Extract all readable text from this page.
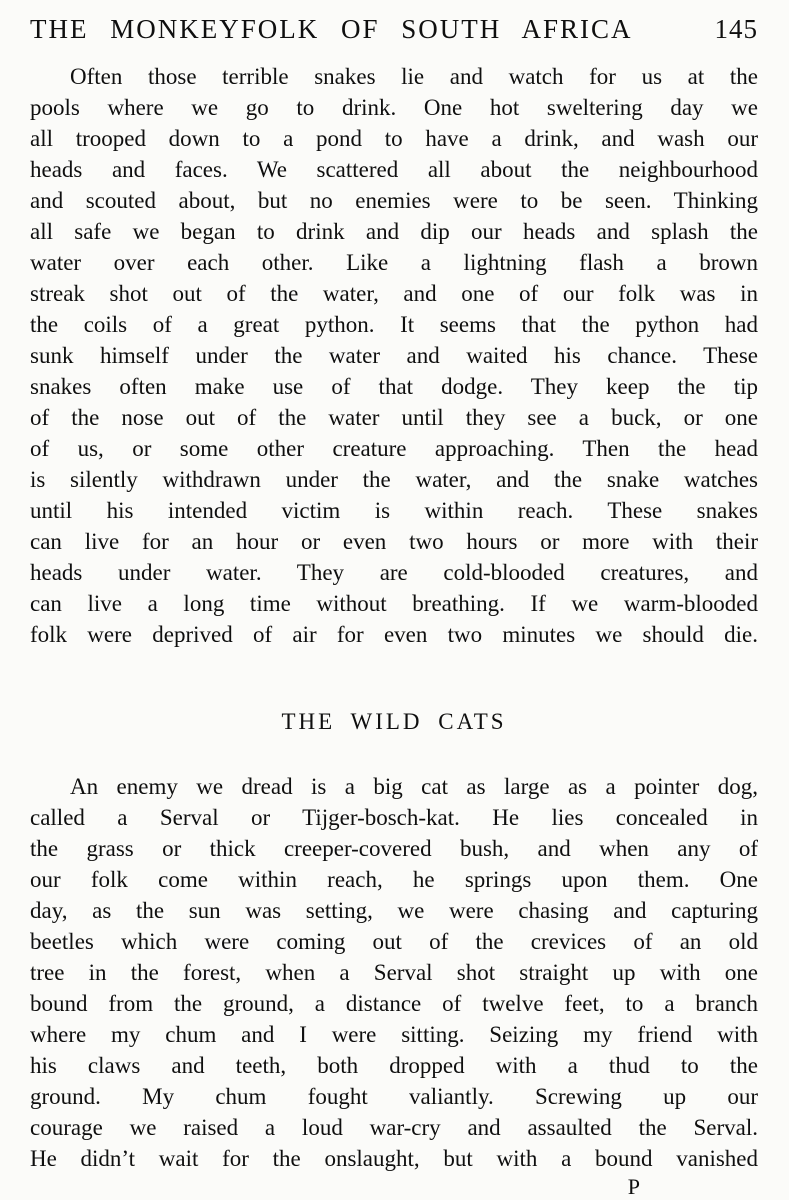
THE MONKEYFOLK OF SOUTH AFRICA	145
Often those terrible snakes lie and watch for us at the
pools where we go to drink. One hot sweltering day we
all trooped down to a pond to have a drink, and wash our
heads and faces. We scattered all about the neighbourhood
and scouted about, but no enemies were to be seen. Thinking
all safe we began to drink and dip our heads and splash the
water over each other. Like a lightning flash a brown
streak shot out of the water, and one of our folk was in
the coils of a great python. It seems that the python had
sunk himself under the water and waited his chance. These
snakes often make use of that dodge. They keep the tip
of the nose out of the water until they see a buck, or one
of us, or some other creature approaching. Then the head
is silently withdrawn under the water, and the snake watches
until his intended victim is within reach. These snakes
can live for an hour or even two hours or more with their
heads under water. They are cold-blooded creatures, and
can live a long time without breathing. If we warm-blooded
folk were deprived of air for even two minutes we should die.
THE WILD CATS
An enemy we dread is a big cat as large as a pointer dog,
called a Serval or Tijger-bosch-kat. He lies concealed in
the grass or thick creeper-covered bush, and when any of
our folk come within reach, he springs upon them. One
day, as the sun was setting, we were chasing and capturing
beetles which were coming out of the crevices of an old
tree in the forest, when a Serval shot straight up with one
bound from the ground, a distance of twelve feet, to a branch
where my chum and I were sitting. Seizing my friend with
his claws and teeth, both dropped with a thud to the
ground. My chum fought valiantly. Screwing up our
courage we raised a loud war-cry and assaulted the Serval.
He didn’t wait for the onslaught, but with a bound vanished
P
